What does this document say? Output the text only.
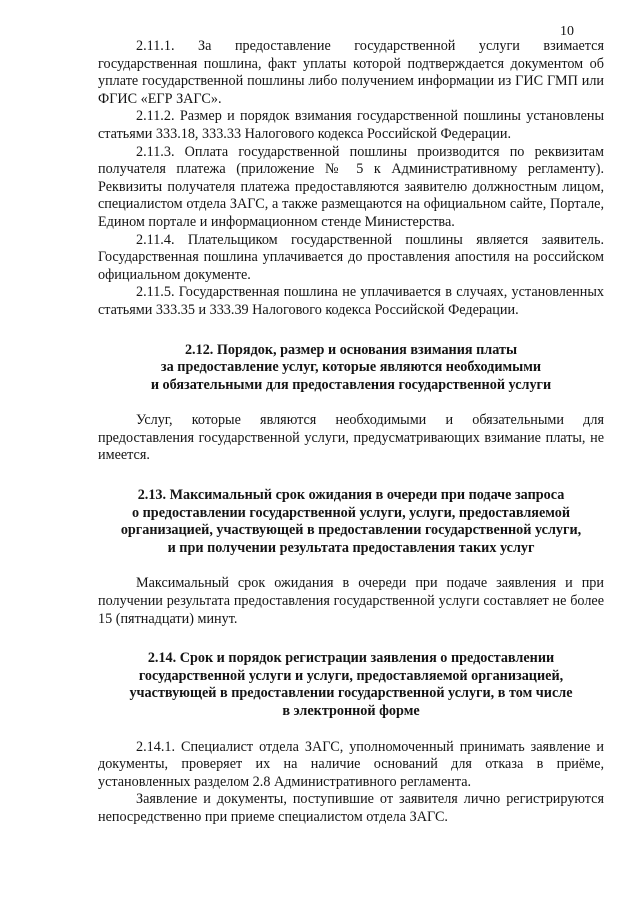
10

2.11.1. За предоставление государственной услуги взимается государственная пошлина, факт уплаты которой подтверждается документом об уплате государственной пошлины либо получением информации из ГИС ГМП или ФГИС «ЕГР ЗАГС».

2.11.2. Размер и порядок взимания государственной пошлины установлены статьями 333.18, 333.33 Налогового кодекса Российской Федерации.

2.11.3. Оплата государственной пошлины производится по реквизитам получателя платежа (приложение № 5 к Административному регламенту). Реквизиты получателя платежа предоставляются заявителю должностным лицом, специалистом отдела ЗАГС, а также размещаются на официальном сайте, Портале, Едином портале и информационном стенде Министерства.

2.11.4. Плательщиком государственной пошлины является заявитель. Государственная пошлина уплачивается до проставления апостиля на российском официальном документе.

2.11.5. Государственная пошлина не уплачивается в случаях, установленных статьями 333.35 и 333.39 Налогового кодекса Российской Федерации.

2.12. Порядок, размер и основания взимания платы
за предоставление услуг, которые являются необходимыми
и обязательными для предоставления государственной услуги

Услуг, которые являются необходимыми и обязательными для предоставления государственной услуги, предусматривающих взимание платы, не имеется.

2.13. Максимальный срок ожидания в очереди при подаче запроса
о предоставлении государственной услуги, услуги, предоставляемой
организацией, участвующей в предоставлении государственной услуги,
и при получении результата предоставления таких услуг

Максимальный срок ожидания в очереди при подаче заявления и при получении результата предоставления государственной услуги составляет не более 15 (пятнадцати) минут.

2.14. Срок и порядок регистрации заявления о предоставлении
государственной услуги и услуги, предоставляемой организацией,
участвующей в предоставлении государственной услуги, в том числе
в электронной форме

2.14.1. Специалист отдела ЗАГС, уполномоченный принимать заявление и документы, проверяет их на наличие оснований для отказа в приёме, установленных разделом 2.8 Административного регламента.

Заявление и документы, поступившие от заявителя лично регистрируются непосредственно при приеме специалистом отдела ЗАГС.
